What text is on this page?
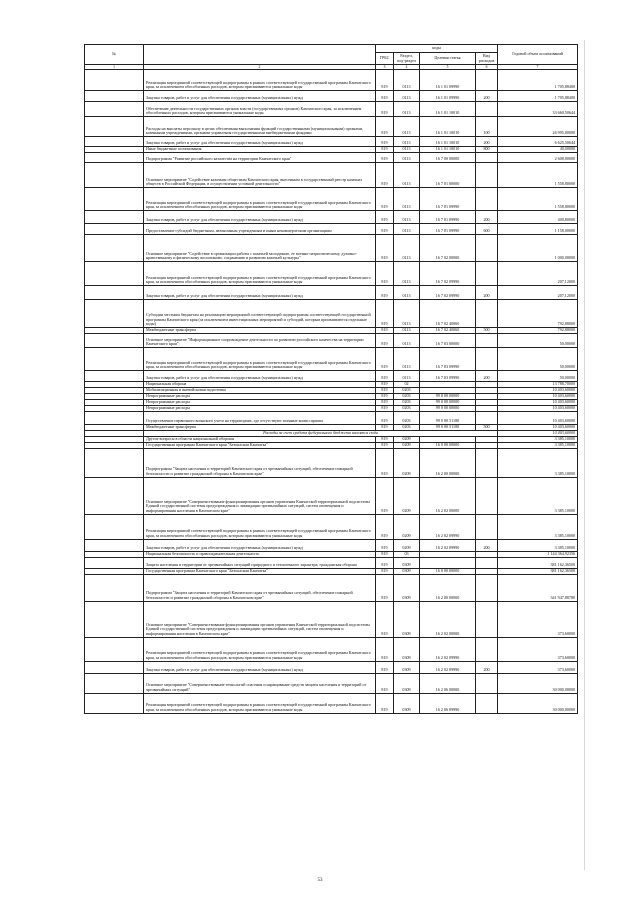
№		коды				Годовой объем ассигнований
		ГРБС	Раздел, под-раздел	Целевая статья	Вид расходов	
1	2	3	4	5	6	7
	Реализация мероприятий соответствующей подпрограммы в рамках соответствующей государственной программы Камчатского края, за исключением обособленных расходов, которым присваиваются уникальные коды	819	0113	16 1 01 09990		1 705,88400
	Закупка товаров, работ и услуг для обеспечения государственных (муниципальных) нужд	819	0113	16 1 01 09990	200	1 705,88400
	Обеспечение деятельности государственных органов власти (государственных органов) Камчатского края, за исключением обособленных расходов, которым присваиваются уникальные коды	819	0113	16 1 01 10010		33 660,50644
	Расходы на выплаты персоналу в целях обеспечения выполнения функций государственными (муниципальными) органами, казенными учреждениями, органами управления государственными внебюджетными фондами	819	0113	16 1 01 10010	100	26 995,00000
	Закупка товаров, работ и услуг для обеспечения государственных (муниципальных) нужд	819	0113	16 1 01 10010	200	6 625,50644
	Иные бюджетные ассигнования	819	0113	16 1 01 10010	800	40,00000
	Подпрограмма "Развитие российского казачества на территории Камчатского края"	819	0113	16 7 00 00000		2 608,80000
	Основное мероприятие "Содействие казачьим обществам Камчатского края, внесенным в государственный реестр казачьих обществ в Российской Федерации, в осуществлении уставной деятельности"	819	0113	16 7 01 00000		1 558,80000
	Реализация мероприятий соответствующей подпрограммы в рамках соответствующей государственной программы Камчатского края, за исключением обособленных расходов, которым присваиваются уникальные коды	819	0113	16 7 01 09990		1 558,80000
	Закупка товаров, работ и услуг для обеспечения государственных (муниципальных) нужд	819	0113	16 7 01 09990	200	400,80000
	Предоставление субсидий бюджетным, автономным учреждениям и иным некоммерческим организациям	819	0113	16 7 01 09990	600	1 158,00000
	Основное мероприятие "Содействие в организации работы с казачьей молодежью, ее военно-патриотическому, духовно-нравственному и физическому воспитанию, сохранению и развитию казачьей культуры"	819	0113	16 7 02 00000		1 000,00000
	Реализация мероприятий соответствующей подпрограммы в рамках соответствующей государственной программы Камчатского края, за исключением обособленных расходов, которым присваиваются уникальные коды	819	0113	16 7 02 09990		207,12000
	Закупка товаров, работ и услуг для обеспечения государственных (муниципальных) нужд	819	0113	16 7 02 09990	200	207,12000
	Субсидии местным бюджетам на реализацию мероприятий соответствующей подпрограммы соответствующей государственной программы Камчатского края (за исключением инвестиционных мероприятий и субсидий, которым присваиваются отдельные коды)	819	0113	16 7 02 40060		792,88000
	Межбюджетные трансферты	819	0113	16 7 02 40060	500	792,88000
	Основное мероприятие "Информационное сопровождение деятельности по развитию российского казачества на территории Камчатского края"	819	0113	16 7 03 00000		50,00000
	Реализация мероприятий соответствующей подпрограммы в рамках соответствующей государственной программы Камчатского края, за исключением обособленных расходов, которым присваиваются уникальные коды	819	0113	16 7 03 09990		50,00000
	Закупка товаров, работ и услуг для обеспечения государственных (муниципальных) нужд	819	0113	16 7 03 09990	200	50,00000
	Национальная оборона	819	02			13 788,70000
	Мобилизационная и вневойсковая подготовка	819	0203			10 403,60000
	Непрограммные расходы	819	0203	99 0 00 00000		10 403,60000
	Непрограммные расходы	819	0203	99 0 00 00000		10 403,60000
	Непрограммные расходы	819	0203	99 0 00 00000		10 403,60000
	Осуществление первичного воинского учета на территориях, где отсутствуют военные комиссариаты	819	0203	99 0 00 51180		10 403,60000
	Межбюджетные трансферты	819	0203	99 0 00 51180	500	10 403,60000
	Расходы за счет средств федерального бюджета вносятся сюда					10 403,60000
	Другие вопросы в области национальной обороны	819	0209			3 385,10000
	Государственная программа Камчатского края "Безопасная Камчатка"	819	0209	16 0 00 00000		3 385,10000
	Подпрограмма "Защита населения и территорий Камчатского края от чрезвычайных ситуаций, обеспечение пожарной безопасности и развитие гражданской обороны в Камчатском крае"	819	0209	16 2 00 00000		3 385,10000
	Основное мероприятие "Совершенствование функционирования органов управления Камчатской территориальной подсистемы Единой государственной системы предупреждения и ликвидации чрезвычайных ситуаций, систем оповещения и информирования населения в Камчатском крае"	819	0209	16 2 02 00000		3 385,10000
	Реализация мероприятий соответствующей подпрограммы в рамках соответствующей государственной программы Камчатского края, за исключением обособленных расходов, которым присваиваются уникальные коды	819	0209	16 2 02 09990		3 385,10000
	Закупка товаров, работ и услуг для обеспечения государственных (муниципальных) нужд	819	0209	16 2 02 09990	200	3 385,10000
	Национальная безопасность и правоохранительная деятельность	819	03			1 144 364,92356
	Защита населения и территории от чрезвычайных ситуаций природного и техногенного характера, гражданская оборона	819	0309			381 162,36500
	Государственная программа Камчатского края "Безопасная Камчатка"	819	0309	16 0 00 00000		381 162,36500
	Подпрограмма "Защита населения и территорий Камчатского края от чрезвычайных ситуаций, обеспечение пожарной безопасности и развитие гражданской обороны в Камчатском крае"	819	0309	16 2 00 00000		341 947,88780
	Основное мероприятие "Совершенствование функционирования органов управления Камчатской территориальной подсистемы Единой государственной системы предупреждения и ликвидации чрезвычайных ситуаций, систем оповещения и информирования населения в Камчатском крае"	819	0309	16 2 02 00000		373,60000
	Реализация мероприятий соответствующей подпрограммы в рамках соответствующей государственной программы Камчатского края, за исключением обособленных расходов, которым присваиваются уникальные коды	819	0309	16 2 02 09990		373,60000
	Закупка товаров, работ и услуг для обеспечения государственных (муниципальных) нужд	819	0309	16 2 02 09990	200	373,60000
	Основное мероприятие "Совершенствование технологий спасения и наращивание средств защиты населения и территорий от чрезвычайных ситуаций"	819	0309	16 2 06 00000		30 000,00000
	Реализация мероприятий соответствующей подпрограммы в рамках соответствующей государственной программы Камчатского края, за исключением обособленных расходов, которым присваиваются уникальные коды	819	0309	16 2 06 09990		30 000,00000
53
